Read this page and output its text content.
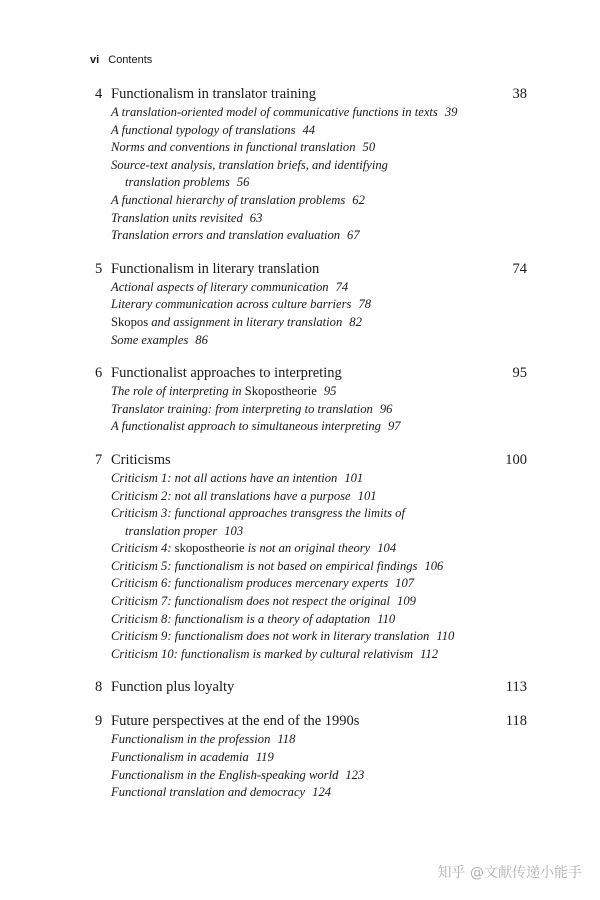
vi Contents
4 Functionalism in translator training	38
A translation-oriented model of communicative functions in texts 39
A functional typology of translations 44
Norms and conventions in functional translation 50
Source-text analysis, translation briefs, and identifying
translation problems 56
A functional hierarchy of translation problems 62
Translation units revisited 63
Translation errors and translation evaluation 67
5 Functionalism in literary translation	74
Actional aspects of literary communication 74
Literary communication across culture barriers 78
Skopos and assignment in literary translation 82
Some examples 86
6 Functionalist approaches to interpreting	95
The role of interpreting in Skopostheorie 95
Translator training: from interpreting to translation 96
A functionalist approach to simultaneous interpreting 97
7 Criticisms	100
Criticism 1: not all actions have an intention 101
Criticism 2: not all translations have a purpose 101
Criticism 3: functional approaches transgress the limits of
translation proper 103
Criticism 4: skopostheorie is not an original theory 104
Criticism 5: functionalism is not based on empirical findings 106
Criticism 6: functionalism produces mercenary experts 107
Criticism 7: functionalism does not respect the original 109
Criticism 8: functionalism is a theory of adaptation 110
Criticism 9: functionalism does not work in literary translation 110
Criticism 10: functionalism is marked by cultural relativism 112
8 Function plus loyalty	113
9 Future perspectives at the end of the 1990s	118
Functionalism in the profession 118
Functionalism in academia 119
Functionalism in the English-speaking world 123
Functional translation and democracy 124
知乎 @文献传递小能手
